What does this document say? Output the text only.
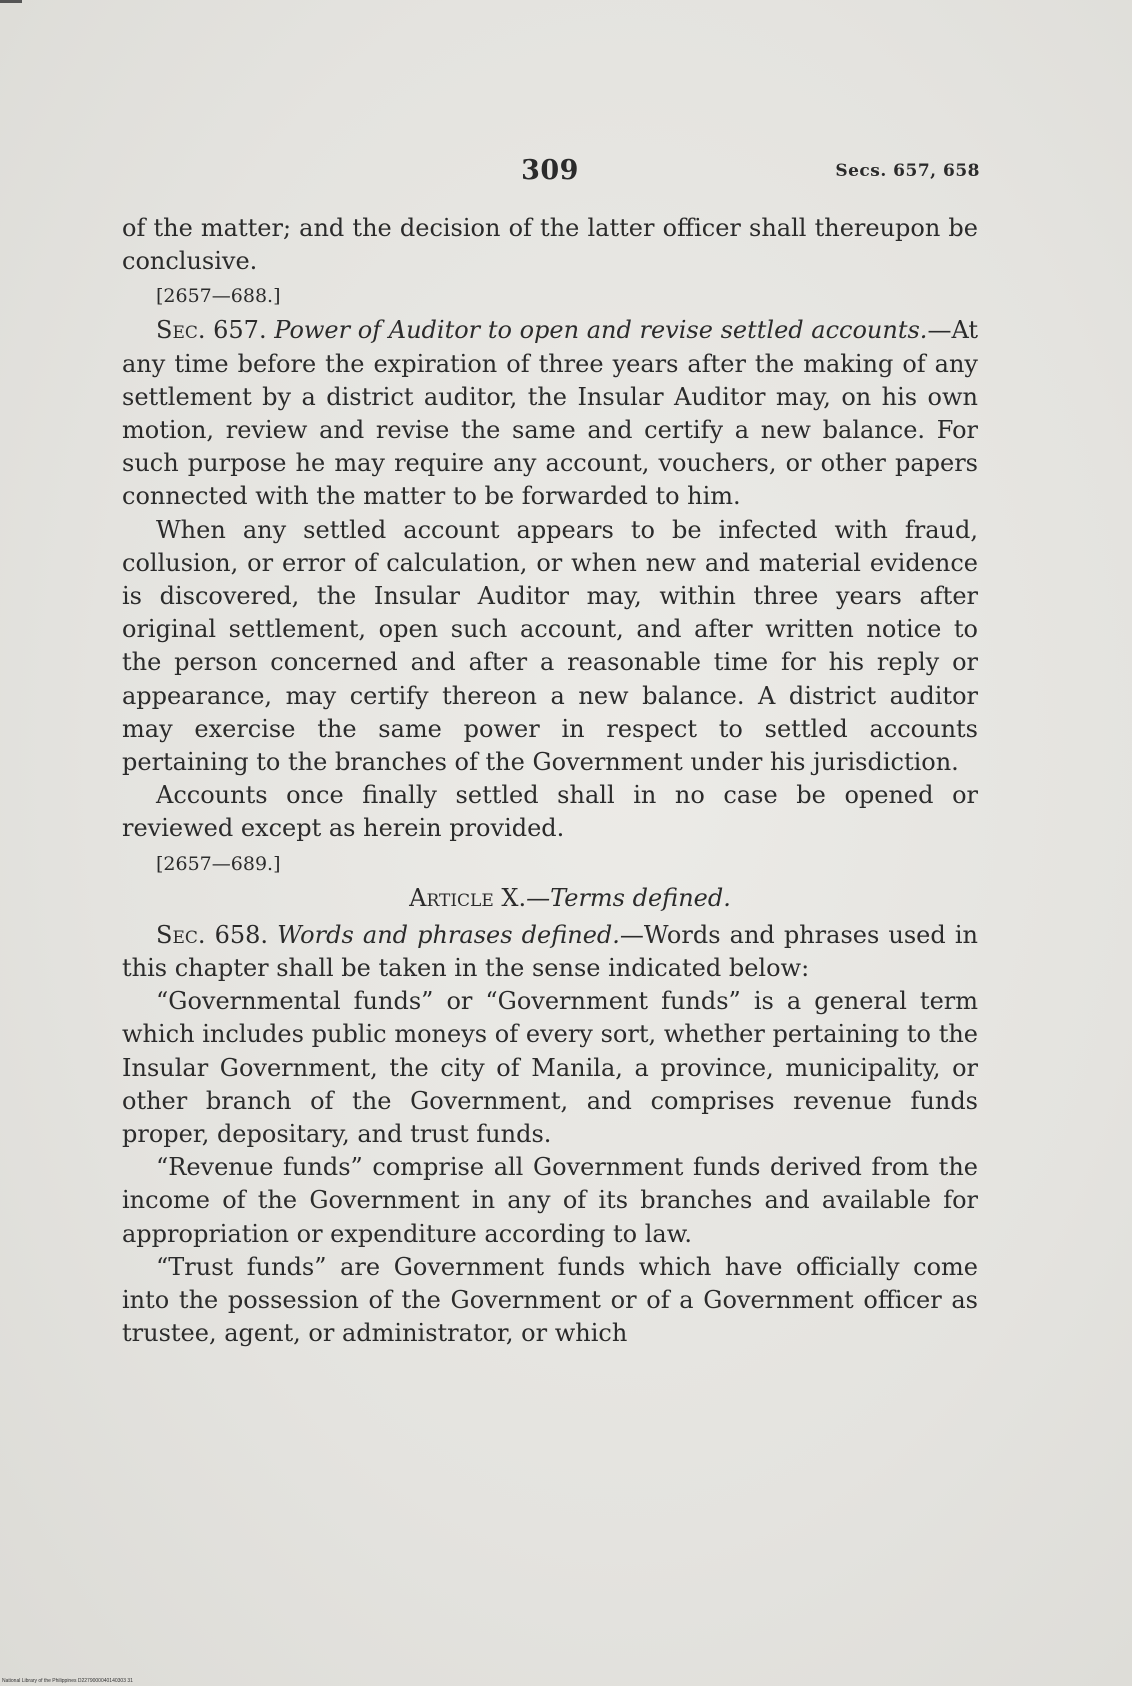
309	Secs. 657, 658

of the matter; and the decision of the latter officer shall thereupon be conclusive.

[2657—688.]

Sec. 657. Power of Auditor to open and revise settled accounts.—At any time before the expiration of three years after the making of any settlement by a district auditor, the Insular Auditor may, on his own motion, review and revise the same and certify a new balance. For such purpose he may require any account, vouchers, or other papers connected with the matter to be forwarded to him.

When any settled account appears to be infected with fraud, collusion, or error of calculation, or when new and material evidence is discovered, the Insular Auditor may, within three years after original settlement, open such account, and after written notice to the person concerned and after a reasonable time for his reply or appearance, may certify thereon a new balance. A district auditor may exercise the same power in respect to settled accounts pertaining to the branches of the Government under his jurisdiction.

Accounts once finally settled shall in no case be opened or reviewed except as herein provided.

[2657—689.]

Article X.—Terms defined.

Sec. 658. Words and phrases defined.—Words and phrases used in this chapter shall be taken in the sense indicated below:

“Governmental funds” or “Government funds” is a general term which includes public moneys of every sort, whether pertaining to the Insular Government, the city of Manila, a province, municipality, or other branch of the Government, and comprises revenue funds proper, depositary, and trust funds.

“Revenue funds” comprise all Government funds derived from the income of the Government in any of its branches and available for appropriation or expenditure according to law.

“Trust funds” are Government funds which have officially come into the possession of the Government or of a Government officer as trustee, agent, or administrator, or which

National Library of the Philippines D2279000040140303 31
